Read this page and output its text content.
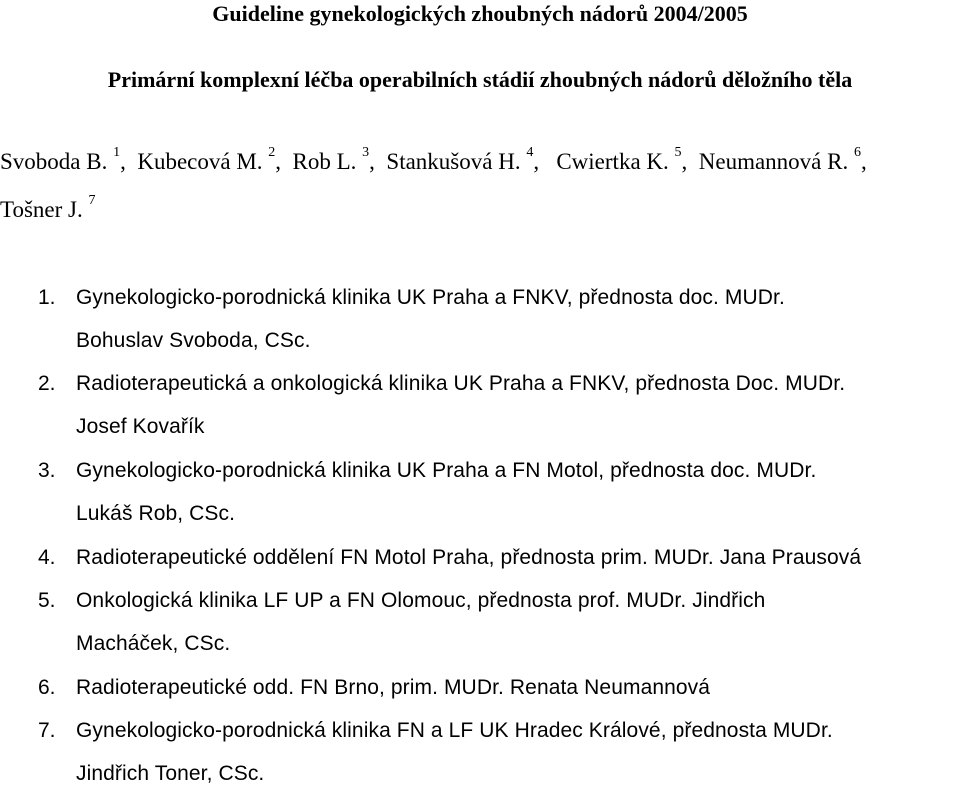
Guideline gynekologických zhoubných nádorů 2004/2005
Primární komplexní léčba operabilních stádií zhoubných nádorů děložního těla
Svoboda B. $^1$,  Kubecová M. $^2$,  Rob L. $^3$,  Stankušová H. $^4$,   Cwiertka K. $^5$,  Neumannová R. $^6$,
Tošner J. $^7$
1. Gynekologicko-porodnická klinika UK Praha a FNKV, přednosta doc. MUDr.
Bohuslav Svoboda, CSc.
2. Radioterapeutická a onkologická klinika UK Praha a FNKV, přednosta Doc. MUDr.
Josef Kovařík
3. Gynekologicko-porodnická klinika UK Praha a FN Motol, přednosta doc. MUDr.
Lukáš Rob, CSc.
4. Radioterapeutické oddělení FN Motol Praha, přednosta prim. MUDr. Jana Prausová
5. Onkologická klinika LF UP a FN Olomouc, přednosta prof. MUDr. Jindřich
Macháček, CSc.
6. Radioterapeutické odd. FN Brno, prim. MUDr. Renata Neumannová
7. Gynekologicko-porodnická klinika FN a LF UK Hradec Králové, přednosta MUDr.
Jindřich Toner, CSc.
